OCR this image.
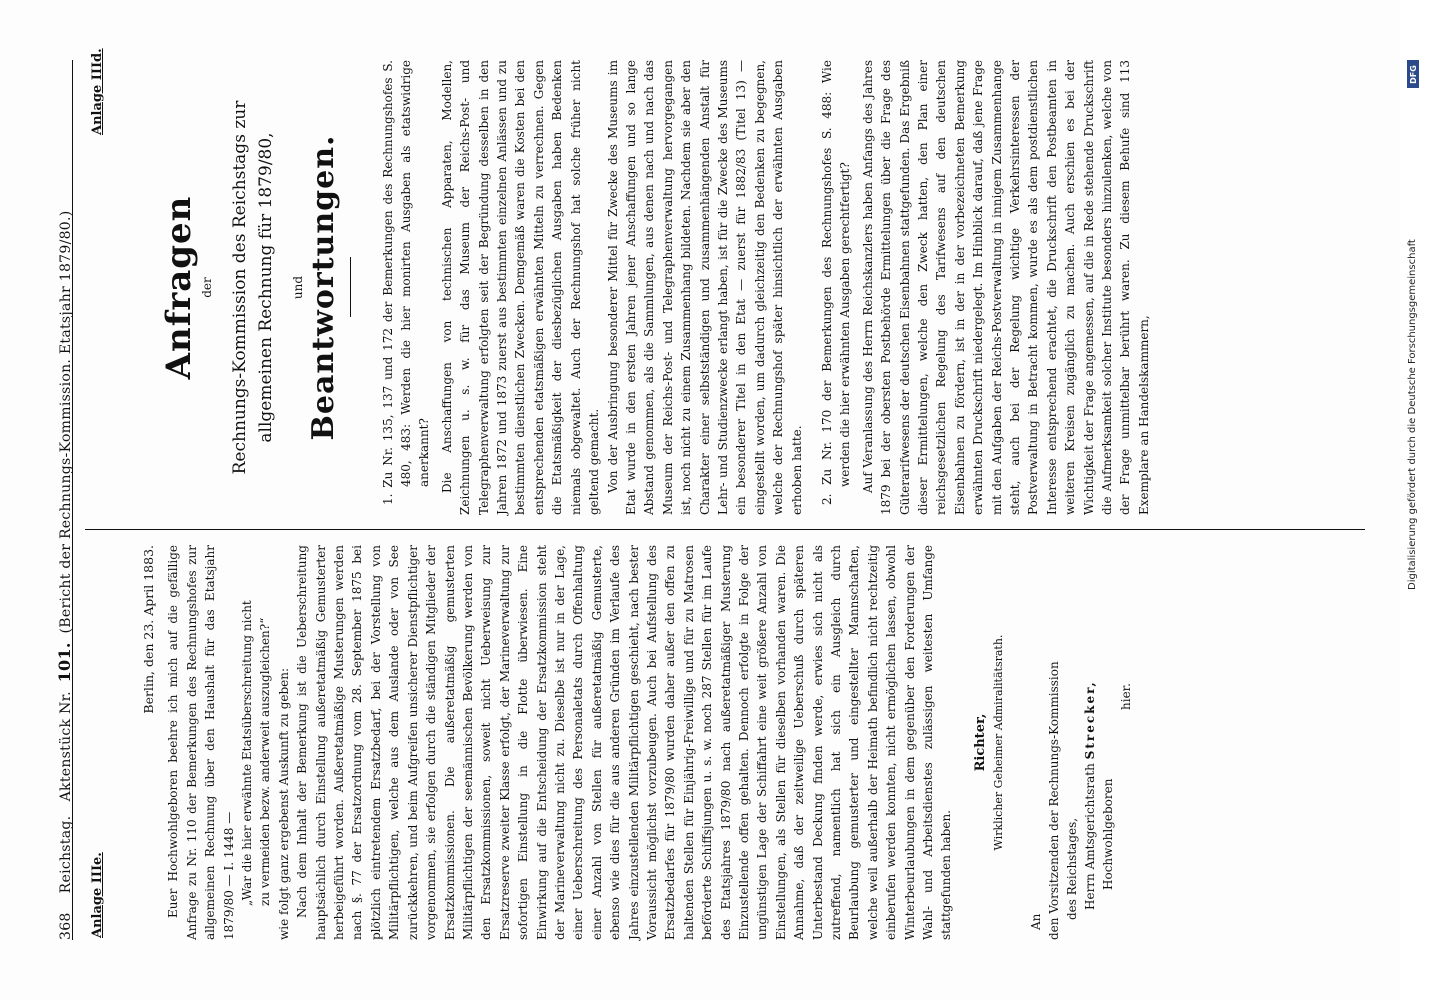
368    Reichstag.   Aktenstück Nr. 101. (Bericht der Rechnungs-Kommission. Etatsjahr 1879/80.)
Anlage IIIe.
Anlage IIId.

Berlin, den 23. April 1883. Euer Hochwohlgeboren beehre ich mich auf die gefällige Anfrage zu Nr. 110 der Bemerkungen des Rechnungshofes zur allgemeinen Rechnung über den Haushalt für das Etatsjahr 1879/80 — I. 1448 — „War die hier erwähnte Etatsüberschreitung nicht zu vermeiden bezw. anderweit auszugleichen?“ wie folgt ganz ergebenst Auskunft zu geben: Nach dem Inhalt der Bemerkung ist die Ueberschreitung hauptsächlich durch Einstellung außeretatmäßig Gemusterter herbeigeführt worden. Außeretatmäßige Musterungen werden nach §. 77 der Ersatzordnung vom 28. September 1875 bei plötzlich eintretendem Ersatzbedarf, bei der Vorstellung von Militärpflichtigen, welche aus dem Auslande oder von See zurückkehren, und beim Aufgreifen unsicherer Dienstpflichtiger vorgenommen, sie erfolgen durch die ständigen Mitglieder der Ersatzkommissionen. Die außeretatmäßig gemusterten Militärpflichtigen der seemännischen Bevölkerung werden von den Ersatzkommissionen, soweit nicht Ueberweisung zur Ersatzreserve zweiter Klasse erfolgt, der Marineverwaltung zur sofortigen Einstellung in die Flotte überwiesen. Eine Einwirkung auf die Entscheidung der Ersatzkommission steht der Marineverwaltung nicht zu. Dieselbe ist nur in der Lage, einer Ueberschreitung des Personaletats durch Offenhaltung einer Anzahl von Stellen für außeretatmäßig Gemusterte, ebenso wie dies für die aus anderen Gründen im Verlaufe des Jahres einzustellenden Militärpflichtigen geschieht, nach bester Voraussicht möglichst vorzubeugen. Auch bei Aufstellung des Ersatzbedarfes für 1879/80 wurden daher außer den offen zu haltenden Stellen für Einjährig-Freiwillige und für zu Matrosen beförderte Schiffsjungen u. s. w. noch 287 Stellen für im Laufe des Etatsjahres 1879/80 nach außeretatmäßiger Musterung Einzustellende offen gehalten. Dennoch erfolgte in Folge der ungünstigen Lage der Schiffahrt eine weit größere Anzahl von Einstellungen, als Stellen für dieselben vorhanden waren. Die Annahme, daß der zeitweilige Ueberschuß durch späteren Unterbestand Deckung finden werde, erwies sich nicht als zutreffend, namentlich hat sich ein Ausgleich durch Beurlaubung gemusterter und eingestellter Mannschaften, welche weil außerhalb der Heimath befindlich nicht rechtzeitig einberufen werden konnten, nicht ermöglichen lassen, obwohl Winterbeurlaubungen in dem gegenüber den Forderungen der Wahl- und Arbeitsdienstes zulässigen weitesten Umfange stattgefunden haben.

Richter, Wirklicher Geheimer Admiralitätsrath.

An den Vorsitzenden der Rechnungs-Kommission des Reichstages, Herrn Amtsgerichtsrath Strecker,

Hochwohlgeboren

hier.

Anfragen der Rechnungs-Kommission des Reichstags zur allgemeinen Rechnung für 1879/80, und Beantwortungen.	1. Zu Nr. 135, 137 und 172 der Bemerkungen des Rechnungshofes S. 480, 483: Werden die hier monirten Ausgaben als etatswidrige anerkannt? Die Anschaffungen von technischen Apparaten, Modellen, Zeichnungen u. s. w. für das Museum der Reichs-Post- und Telegraphenverwaltung erfolgten seit der Begründung desselben in den Jahren 1872 und 1873 zuerst aus bestimmten einzelnen Anlässen und zu bestimmten dienstlichen Zwecken. Demgemäß waren die Kosten bei den entsprechenden etatsmäßigen erwähnten Mitteln zu verrechnen. Gegen die Etatsmäßigkeit der diesbezüglichen Ausgaben haben Bedenken niemals obgewaltet. Auch der Rechnungshof hat solche früher nicht geltend gemacht. Von der Ausbringung besonderer Mittel für Zwecke des Museums im Etat wurde in den ersten Jahren jener Anschaffungen und so lange Abstand genommen, als die Sammlungen, aus denen nach und nach das Museum der Reichs-Post- und Telegraphenverwaltung hervorgegangen ist, noch nicht zu einem Zusammenhang bildeten. Nachdem sie aber den Charakter einer selbstständigen und zusammenhängenden Anstalt für Lehr- und Studienzwecke erlangt haben, ist für die Zwecke des Museums ein besonderer Titel in den Etat — zuerst für 1882/83 (Titel 13) — eingestellt worden, um dadurch gleichzeitig den Bedenken zu begegnen, welche der Rechnungshof später hinsichtlich der erwähnten Ausgaben erhoben hatte. 2. Zu Nr. 170 der Bemerkungen des Rechnungshofes S. 488: Wie werden die hier erwähnten Ausgaben gerechtfertigt? Auf Veranlassung des Herrn Reichskanzlers haben Anfangs des Jahres 1879 bei der obersten Postbehörde Ermittelungen über die Frage des Güterarifwesens der deutschen Eisenbahnen stattgefunden. Das Ergebniß dieser Ermittelungen, welche den Zweck hatten, den Plan einer reichsgesetzlichen Regelung des Tarifwesens auf den deutschen Eisenbahnen zu fördern, ist in der in der vorbezeichneten Bemerkung erwähnten Druckschrift niedergelegt. Im Hinblick darauf, daß jene Frage mit den Aufgaben der Reichs-Postverwaltung in innigem Zusammenhange steht, auch bei der Regelung wichtige Verkehrsinteressen der Postverwaltung in Betracht kommen, wurde es als dem postdienstlichen Interesse entsprechend erachtet, die Druckschrift den Postbeamten in weiteren Kreisen zugänglich zu machen. Auch erschien es bei der Wichtigkeit der Frage angemessen, auf die in Rede stehende Druckschrift die Aufmerksamkeit solcher Institute besonders hinzulenken, welche von der Frage unmittelbar berührt waren. Zu diesem Behufe sind 113 Exemplare an Handelskammern,

DFG
Digitalisierung gefördert durch die Deutsche Forschungsgemeinschaft
